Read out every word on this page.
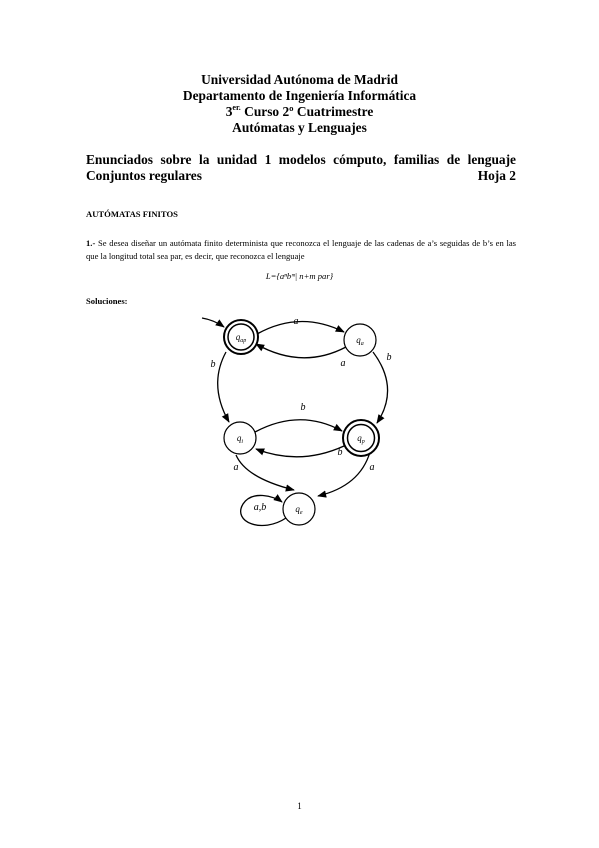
Universidad Autónoma de Madrid
Departamento de Ingeniería Informática
$3^{er.}$ Curso 2º Cuatrimestre
Autómatas y Lenguajes
Enunciados sobre la unidad 1 modelos cómputo, familias de lenguaje
Conjuntos regulares	Hoja 2
AUTÓMATAS FINITOS
1.- Se desea diseñar un autómata finito determinista que reconozca el lenguaje de las cadenas de a’s seguidas de b’s en las que la longitud total sea par, es decir, que reconozca el lenguaje
L={aⁿbᵐ| n+m par}
Soluciones:
$q_{ap}$	$q_a$
$q_i$	$q_p$
$q_e$
a
a
b
b
b
b
a	a
a,b
1
